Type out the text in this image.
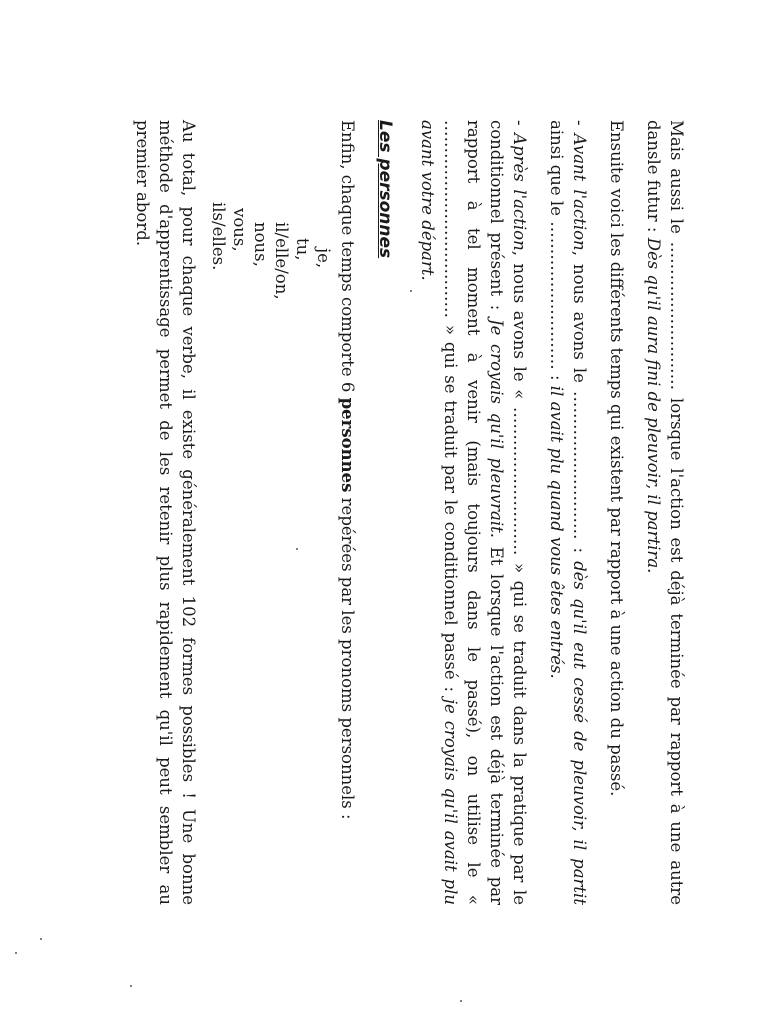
Mais aussi le ……………………… lorsque l'action est déjà terminée par rapport à une autre dansle futur : Dès qu'il aura fini de pleuvoir, il partira.

Ensuite voici les différents temps qui existent par rapport à une action du passé.

- Avant l'action, nous avons le ……………………… : dès qu'il eut cessé de pleuvoir, il partit ainsi que le ……………………… : il avait plu quand vous êtes entrés.

- Après l'action, nous avons le « ……………………… » qui se traduit dans la pratique par le conditionnel présent : Je croyais qu'il pleuvrait. Et lorsque l'action est déjà terminée par rapport à tel moment à venir (mais toujours dans le passé), on utilise le « ……………………………… » qui se traduit par le conditionnel passé : je croyais qu'il avait plu avant votre départ.

Les personnes

Enfin, chaque temps comporte 6 personnes repérées par les pronoms personnels :

je,
tu,
il/elle/on,
nous,
vous,
ils/elles.

Au total, pour chaque verbe, il existe généralement 102 formes possibles ! Une bonne méthode d'apprentissage permet de les retenir plus rapidement qu'il peut sembler au premier abord.
